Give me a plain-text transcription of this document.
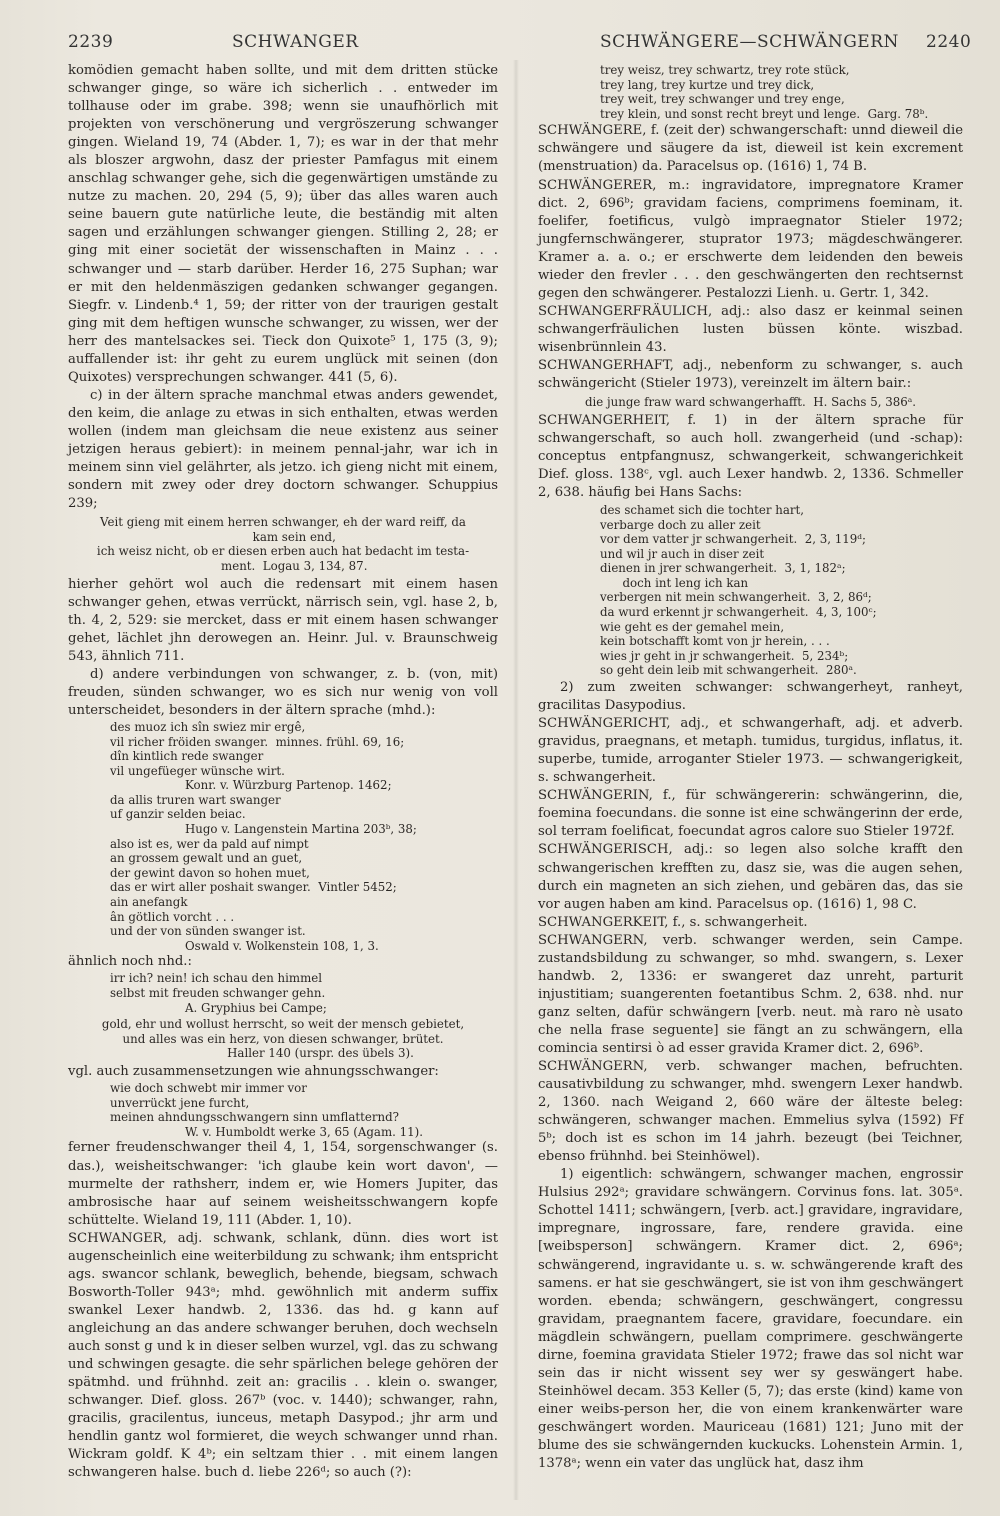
2239	SCHWANGER	SCHWÄNGERE—SCHWÄNGERN 2240

komödien gemacht haben sollte, und mit dem dritten stücke schwanger ginge, so wäre ich sicherlich . . entweder im tollhause oder im grabe. 398; wenn sie unaufhörlich mit projekten von verschönerung und vergröszerung schwanger gingen. Wieland 19, 74 (Abder. 1, 7); es war in der that mehr als bloszer argwohn, dasz der priester Pamfagus mit einem anschlag schwanger gehe, sich die gegenwärtigen umstände zu nutze zu machen. 20, 294 (5, 9); über das alles waren auch seine bauern gute natürliche leute, die beständig mit alten sagen und erzählungen schwanger giengen. Stilling 2, 28; er ging mit einer societät der wissenschaften in Mainz . . . schwanger und — starb darüber. Herder 16, 275 Suphan; war er mit den heldenmäszigen gedanken schwanger gegangen. Siegfr. v. Lindenb.⁴ 1, 59; der ritter von der traurigen gestalt ging mit dem heftigen wunsche schwanger, zu wissen, wer der herr des mantelsackes sei. Tieck don Quixote⁵ 1, 175 (3, 9); auffallender ist: ihr geht zu eurem unglück mit seinen (don Quixotes) versprechungen schwanger. 441 (5, 6).

c) in der ältern sprache manchmal etwas anders gewendet, den keim, die anlage zu etwas in sich enthalten, etwas werden wollen (indem man gleichsam die neue existenz aus seiner jetzigen heraus gebiert): in meinem pennal-jahr, war ich in meinem sinn viel gelährter, als jetzo. ich gieng nicht mit einem, sondern mit zwey oder drey doctorn schwanger. Schuppius 239;

Veit gieng mit einem herren schwanger, eh der ward reiff, da
kam sein end,
ich weisz nicht, ob er diesen erben auch hat bedacht im testa-
ment.  Logau 3, 134, 87.

hierher gehört wol auch die redensart mit einem hasen schwanger gehen, etwas verrückt, närrisch sein, vgl. hase 2, b, th. 4, 2, 529: sie mercket, dass er mit einem hasen schwanger gehet, lächlet jhn derowegen an. Heinr. Jul. v. Braunschweig 543, ähnlich 711.

d) andere verbindungen von schwanger, z. b. (von, mit) freuden, sünden schwanger, wo es sich nur wenig von voll unterscheidet, besonders in der ältern sprache (mhd.):

des muoz ich sîn swiez mir ergê,
vil richer fröiden swanger.  minnes. frühl. 69, 16;
dîn kintlich rede swanger
vil ungefüeger wünsche wirt.
Konr. v. Würzburg Partenop. 1462;
da allis truren wart swanger
uf ganzir selden beiac.
Hugo v. Langenstein Martina 203ᵇ, 38;
also ist es, wer da pald auf nimpt
an grossem gewalt und an guet,
der gewint davon so hohen muet,
das er wirt aller poshait swanger.  Vintler 5452;
ain anefangk
ân götlich vorcht . . .
und der von sünden swanger ist.
Oswald v. Wolkenstein 108, 1, 3.

ähnlich noch nhd.:

irr ich? nein! ich schau den himmel
selbst mit freuden schwanger gehn.
A. Gryphius bei Campe;
gold, ehr und wollust herrscht, so weit der mensch gebietet,
und alles was ein herz, von diesen schwanger, brütet.
Haller 140 (urspr. des übels 3).

vgl. auch zusammensetzungen wie ahnungsschwanger:

wie doch schwebt mir immer vor
unverrückt jene furcht,
meinen ahndungsschwangern sinn umflatternd?
W. v. Humboldt werke 3, 65 (Agam. 11).

ferner freudenschwanger theil 4, 1, 154, sorgenschwanger (s. das.), weisheitschwanger: 'ich glaube kein wort davon', — murmelte der rathsherr, indem er, wie Homers Jupiter, das ambrosische haar auf seinem weisheitsschwangern kopfe schüttelte. Wieland 19, 111 (Abder. 1, 10).

SCHWANGER, adj. schwank, schlank, dünn. dies wort ist augenscheinlich eine weiterbildung zu schwank; ihm entspricht ags. swancor schlank, beweglich, behende, biegsam, schwach Bosworth-Toller 943ᵃ; mhd. gewöhnlich mit anderm suffix swankel Lexer handwb. 2, 1336. das hd. g kann auf angleichung an das andere schwanger beruhen, doch wechseln auch sonst g und k in dieser selben wurzel, vgl. das zu schwang und schwingen gesagte. die sehr spärlichen belege gehören der spätmhd. und frühnhd. zeit an: gracilis . . klein o. swanger, schwanger. Dief. gloss. 267ᵇ (voc. v. 1440); schwanger, rahn, gracilis, gracilentus, iunceus, metaph Dasypod.; jhr arm und hendlin gantz wol formieret, die weych schwanger unnd rhan. Wickram goldf. K 4ᵇ; ein seltzam thier . . mit einem langen schwangeren halse. buch d. liebe 226ᵈ; so auch (?):

trey weisz, trey schwartz, trey rote stück,
trey lang, trey kurtze und trey dick,
trey weit, trey schwanger und trey enge,
trey klein, und sonst recht breyt und lenge.  Garg. 78ᵇ.

SCHWÄNGERE, f. (zeit der) schwangerschaft: unnd dieweil die schwängere und säugere da ist, dieweil ist kein excrement (menstruation) da. Paracelsus op. (1616) 1, 74 B.

SCHWÄNGERER, m.: ingravidatore, impregnatore Kramer dict. 2, 696ᵇ; gravidam faciens, comprimens foeminam, it. foelifer, foetificus, vulgò impraegnator Stieler 1972; jungfernschwängerer, stuprator 1973; mägdeschwängerer. Kramer a. a. o.; er erschwerte dem leidenden den beweis wieder den frevler . . . den geschwängerten den rechtsernst gegen den schwängerer. Pestalozzi Lienh. u. Gertr. 1, 342.

SCHWANGERFRÄULICH, adj.: also dasz er keinmal seinen schwangerfräulichen lusten büssen könte. wiszbad. wisenbrünnlein 43.

SCHWANGERHAFT, adj., nebenform zu schwanger, s. auch schwängericht (Stieler 1973), vereinzelt im ältern bair.:

die junge fraw ward schwangerhafft.  H. Sachs 5, 386ᵃ.

SCHWANGERHEIT, f. 1) in der ältern sprache für schwangerschaft, so auch holl. zwangerheid (und -schap): conceptus entpfangnusz, schwangerkeit, schwangerichkeit Dief. gloss. 138ᶜ, vgl. auch Lexer handwb. 2, 1336. Schmeller 2, 638. häufig bei Hans Sachs:

des schamet sich die tochter hart,
verbarge doch zu aller zeit
vor dem vatter jr schwangerheit.  2, 3, 119ᵈ;
und wil jr auch in diser zeit
dienen in jrer schwangerheit.  3, 1, 182ᵃ;
doch int leng ich kan
verbergen nit mein schwangerheit.  3, 2, 86ᵈ;
da wurd erkennt jr schwangerheit.  4, 3, 100ᶜ;
wie geht es der gemahel mein,
kein botschafft komt von jr herein, . . .
wies jr geht in jr schwangerheit.  5, 234ᵇ;
so geht dein leib mit schwangerheit.  280ᵃ.

2) zum zweiten schwanger: schwangerheyt, ranheyt, gracilitas Dasypodius.

SCHWÄNGERICHT, adj., et schwangerhaft, adj. et adverb. gravidus, praegnans, et metaph. tumidus, turgidus, inflatus, it. superbe, tumide, arroganter Stieler 1973. — schwangerigkeit, s. schwangerheit.

SCHWÄNGERIN, f., für schwängererin: schwängerinn, die, foemina foecundans. die sonne ist eine schwängerinn der erde, sol terram foelificat, foecundat agros calore suo Stieler 1972f.

SCHWÄNGERISCH, adj.: so legen also solche krafft den schwangerischen krefften zu, dasz sie, was die augen sehen, durch ein magneten an sich ziehen, und gebären das, das sie vor augen haben am kind. Paracelsus op. (1616) 1, 98 C.

SCHWANGERKEIT, f., s. schwangerheit.

SCHWANGERN, verb. schwanger werden, sein Campe. zustandsbildung zu schwanger, so mhd. swangern, s. Lexer handwb. 2, 1336: er swangeret daz unreht, parturit injustitiam; suangerenten foetantibus Schm. 2, 638. nhd. nur ganz selten, dafür schwängern [verb. neut. mà raro nè usato che nella frase seguente] sie fängt an zu schwängern, ella comincia sentirsi ò ad esser gravida Kramer dict. 2, 696ᵇ.

SCHWÄNGERN, verb. schwanger machen, befruchten. causativbildung zu schwanger, mhd. swengern Lexer handwb. 2, 1360. nach Weigand 2, 660 wäre der älteste beleg: schwängeren, schwanger machen. Emmelius sylva (1592) Ff 5ᵇ; doch ist es schon im 14 jahrh. bezeugt (bei Teichner, ebenso frühnhd. bei Steinhöwel).

1) eigentlich: schwängern, schwanger machen, engrossir Hulsius 292ᵃ; gravidare schwängern. Corvinus fons. lat. 305ᵃ. Schottel 1411; schwängern, [verb. act.] gravidare, ingravidare, impregnare, ingrossare, fare, rendere gravida. eine [weibsperson] schwängern. Kramer dict. 2, 696ᵃ; schwängerend, ingravidante u. s. w. schwängerende kraft des samens. er hat sie geschwängert, sie ist von ihm geschwängert worden. ebenda; schwängern, geschwängert, congressu gravidam, praegnantem facere, gravidare, foecundare. ein mägdlein schwängern, puellam comprimere. geschwängerte dirne, foemina gravidata Stieler 1972; frawe das sol nicht war sein das ir nicht wissent sey wer sy geswängert habe. Steinhöwel decam. 353 Keller (5, 7); das erste (kind) kame von einer weibs-person her, die von einem krankenwärter ware geschwängert worden. Mauriceau (1681) 121; Juno mit der blume des sie schwängernden kuckucks. Lohenstein Armin. 1, 1378ᵃ; wenn ein vater das unglück hat, dasz ihm
